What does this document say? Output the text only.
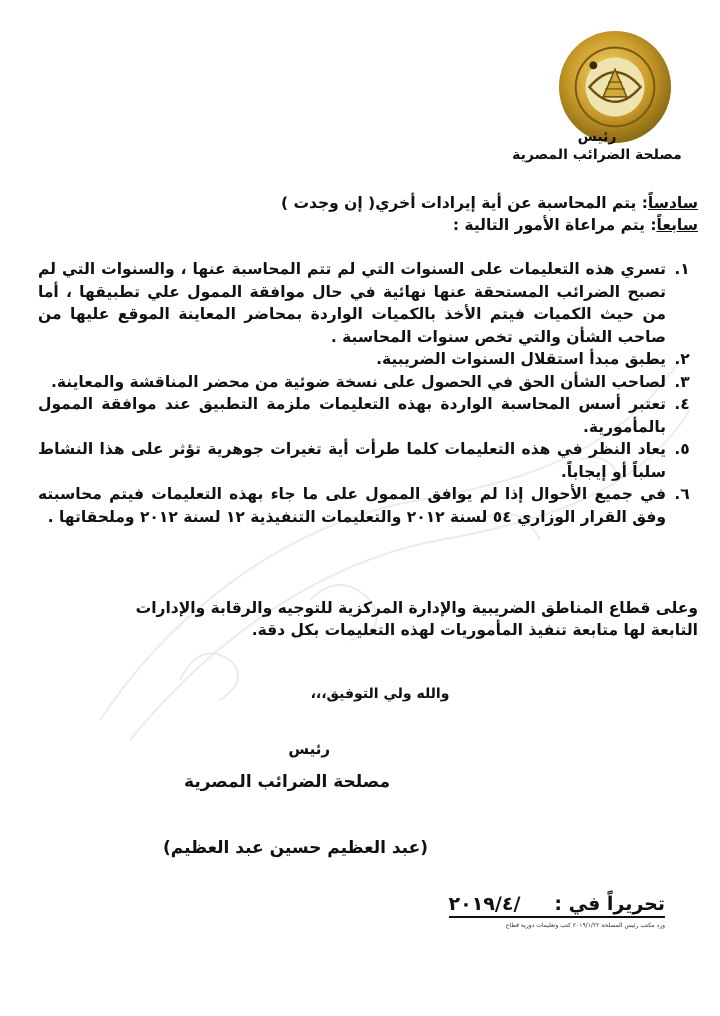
رئيس
مصلحة الضرائب المصرية
سادساً: يتم المحاسبة عن أية إيرادات أخري( إن وجدت )
سابعاً: يتم مراعاة الأمور التالية :
١.
تسري هذه التعليمات على السنوات التي لم تتم المحاسبة عنها ، والسنوات التي لم تصبح الضرائب المستحقة عنها نهائية في حال موافقة الممول علي تطبيقها ، أما من حيث الكميات فيتم الأخذ بالكميات الواردة بمحاضر المعاينة الموقع عليها من صاحب الشأن والتي تخص سنوات المحاسبة .
٢.
يطبق مبدأ استقلال السنوات الضريبية.
٣.
لصاحب الشأن الحق في الحصول على نسخة ضوئية من محضر المناقشة والمعاينة.
٤.
تعتبر أسس المحاسبة الواردة بهذه التعليمات ملزمة التطبيق عند موافقة الممول بالمأمورية.
٥.
يعاد النظر في هذه التعليمات كلما طرأت أية تغيرات جوهرية تؤثر على هذا النشاط سلباً أو إيجاباً.
٦.
في جميع الأحوال إذا لم يوافق الممول على ما جاء بهذه التعليمات فيتم محاسبته وفق القرار الوزاري ٥٤ لسنة ٢٠١٢ والتعليمات التنفيذية ١٢ لسنة ٢٠١٢ وملحقاتها .
وعلى قطاع المناطق الضريبية والإدارة المركزية للتوجيه والرقابة والإدارات التابعة لها متابعة تنفيذ المأموريات لهذه التعليمات بكل دقة.
والله ولي التوفيق،،،
رئيس
مصلحة الضرائب المصرية
(عبد العظيم حسين عبد العظيم)
تحريراً في :/٢٠١٩/٤
ورد مكتب رئيس المصلحة ٢٠١٩/١/٢٢ كتب وتعليمات دورية قطاع
